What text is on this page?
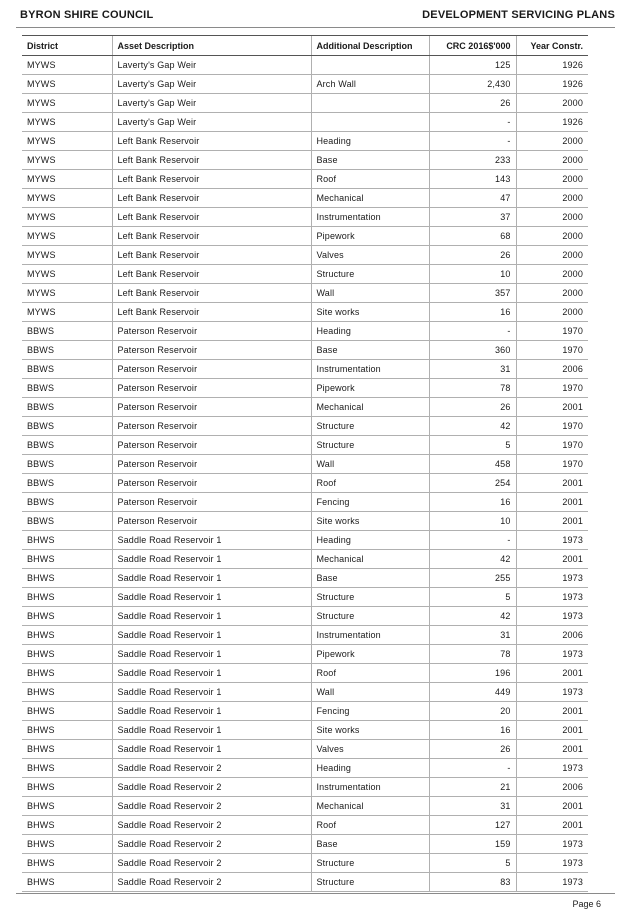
BYRON SHIRE COUNCIL	DEVELOPMENT SERVICING PLANS
District	Asset Description	Additional Description	CRC 2016$'000	Year Constr.
MYWS	Laverty's Gap Weir		125	1926
MYWS	Laverty's Gap Weir	Arch Wall	2,430	1926
MYWS	Laverty's Gap Weir		26	2000
MYWS	Laverty's Gap Weir		-	1926
MYWS	Left Bank Reservoir	Heading	-	2000
MYWS	Left Bank Reservoir	Base	233	2000
MYWS	Left Bank Reservoir	Roof	143	2000
MYWS	Left Bank Reservoir	Mechanical	47	2000
MYWS	Left Bank Reservoir	Instrumentation	37	2000
MYWS	Left Bank Reservoir	Pipework	68	2000
MYWS	Left Bank Reservoir	Valves	26	2000
MYWS	Left Bank Reservoir	Structure	10	2000
MYWS	Left Bank Reservoir	Wall	357	2000
MYWS	Left Bank Reservoir	Site works	16	2000
BBWS	Paterson Reservoir	Heading	-	1970
BBWS	Paterson Reservoir	Base	360	1970
BBWS	Paterson Reservoir	Instrumentation	31	2006
BBWS	Paterson Reservoir	Pipework	78	1970
BBWS	Paterson Reservoir	Mechanical	26	2001
BBWS	Paterson Reservoir	Structure	42	1970
BBWS	Paterson Reservoir	Structure	5	1970
BBWS	Paterson Reservoir	Wall	458	1970
BBWS	Paterson Reservoir	Roof	254	2001
BBWS	Paterson Reservoir	Fencing	16	2001
BBWS	Paterson Reservoir	Site works	10	2001
BHWS	Saddle Road Reservoir 1	Heading	-	1973
BHWS	Saddle Road Reservoir 1	Mechanical	42	2001
BHWS	Saddle Road Reservoir 1	Base	255	1973
BHWS	Saddle Road Reservoir 1	Structure	5	1973
BHWS	Saddle Road Reservoir 1	Structure	42	1973
BHWS	Saddle Road Reservoir 1	Instrumentation	31	2006
BHWS	Saddle Road Reservoir 1	Pipework	78	1973
BHWS	Saddle Road Reservoir 1	Roof	196	2001
BHWS	Saddle Road Reservoir 1	Wall	449	1973
BHWS	Saddle Road Reservoir 1	Fencing	20	2001
BHWS	Saddle Road Reservoir 1	Site works	16	2001
BHWS	Saddle Road Reservoir 1	Valves	26	2001
BHWS	Saddle Road Reservoir 2	Heading	-	1973
BHWS	Saddle Road Reservoir 2	Instrumentation	21	2006
BHWS	Saddle Road Reservoir 2	Mechanical	31	2001
BHWS	Saddle Road Reservoir 2	Roof	127	2001
BHWS	Saddle Road Reservoir 2	Base	159	1973
BHWS	Saddle Road Reservoir 2	Structure	5	1973
BHWS	Saddle Road Reservoir 2	Structure	83	1973
Page 6
